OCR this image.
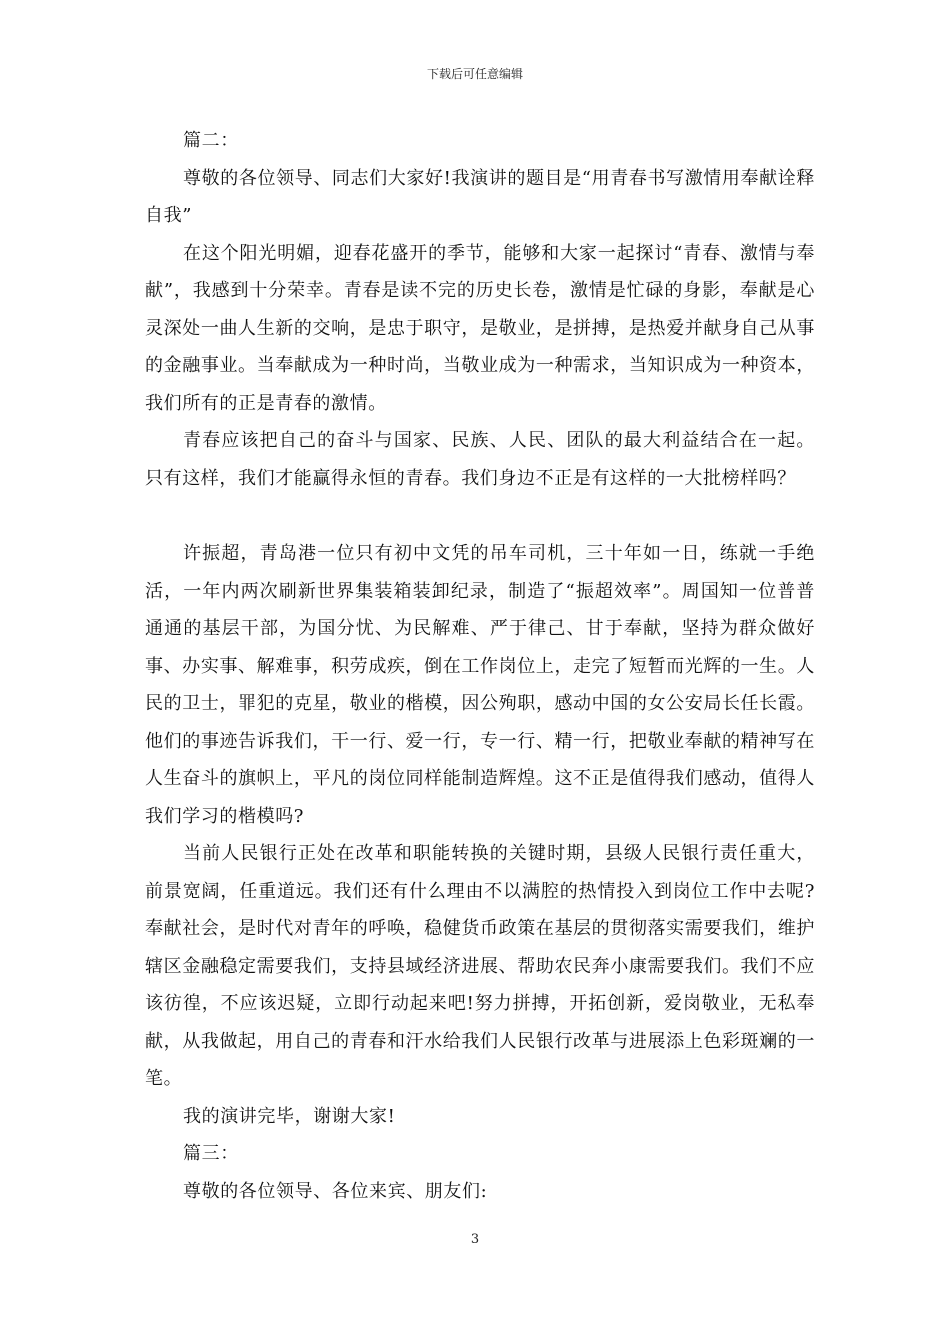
下载后可任意编辑

篇二：

尊敬的各位领导、同志们大家好!我演讲的题目是“用青春书写激情用奉献诠释自我”

在这个阳光明媚，迎春花盛开的季节，能够和大家一起探讨“青春、激情与奉献”，我感到十分荣幸。青春是读不完的历史长卷，激情是忙碌的身影，奉献是心灵深处一曲人生新的交响，是忠于职守，是敬业，是拼搏，是热爱并献身自己从事的金融事业。当奉献成为一种时尚，当敬业成为一种需求，当知识成为一种资本，我们所有的正是青春的激情。

青春应该把自己的奋斗与国家、民族、人民、团队的最大利益结合在一起。只有这样，我们才能赢得永恒的青春。我们身边不正是有这样的一大批榜样吗？

许振超，青岛港一位只有初中文凭的吊车司机，三十年如一日，练就一手绝活，一年内两次刷新世界集装箱装卸纪录，制造了“振超效率”。周国知一位普普通通的基层干部，为国分忧、为民解难、严于律己、甘于奉献，坚持为群众做好事、办实事、解难事，积劳成疾，倒在工作岗位上，走完了短暂而光辉的一生。人民的卫士，罪犯的克星，敬业的楷模，因公殉职，感动中国的女公安局长任长霞。他们的事迹告诉我们，干一行、爱一行，专一行、精一行，把敬业奉献的精神写在人生奋斗的旗帜上，平凡的岗位同样能制造辉煌。这不正是值得我们感动，值得人我们学习的楷模吗?

当前人民银行正处在改革和职能转换的关键时期，县级人民银行责任重大，前景宽阔，任重道远。我们还有什么理由不以满腔的热情投入到岗位工作中去呢?奉献社会，是时代对青年的呼唤，稳健货币政策在基层的贯彻落实需要我们，维护辖区金融稳定需要我们，支持县域经济进展、帮助农民奔小康需要我们。我们不应该彷徨，不应该迟疑，立即行动起来吧!努力拼搏，开拓创新，爱岗敬业，无私奉献，从我做起，用自己的青春和汗水给我们人民银行改革与进展添上色彩斑斓的一笔。

我的演讲完毕，谢谢大家!

篇三：

尊敬的各位领导、各位来宾、朋友们:

3
